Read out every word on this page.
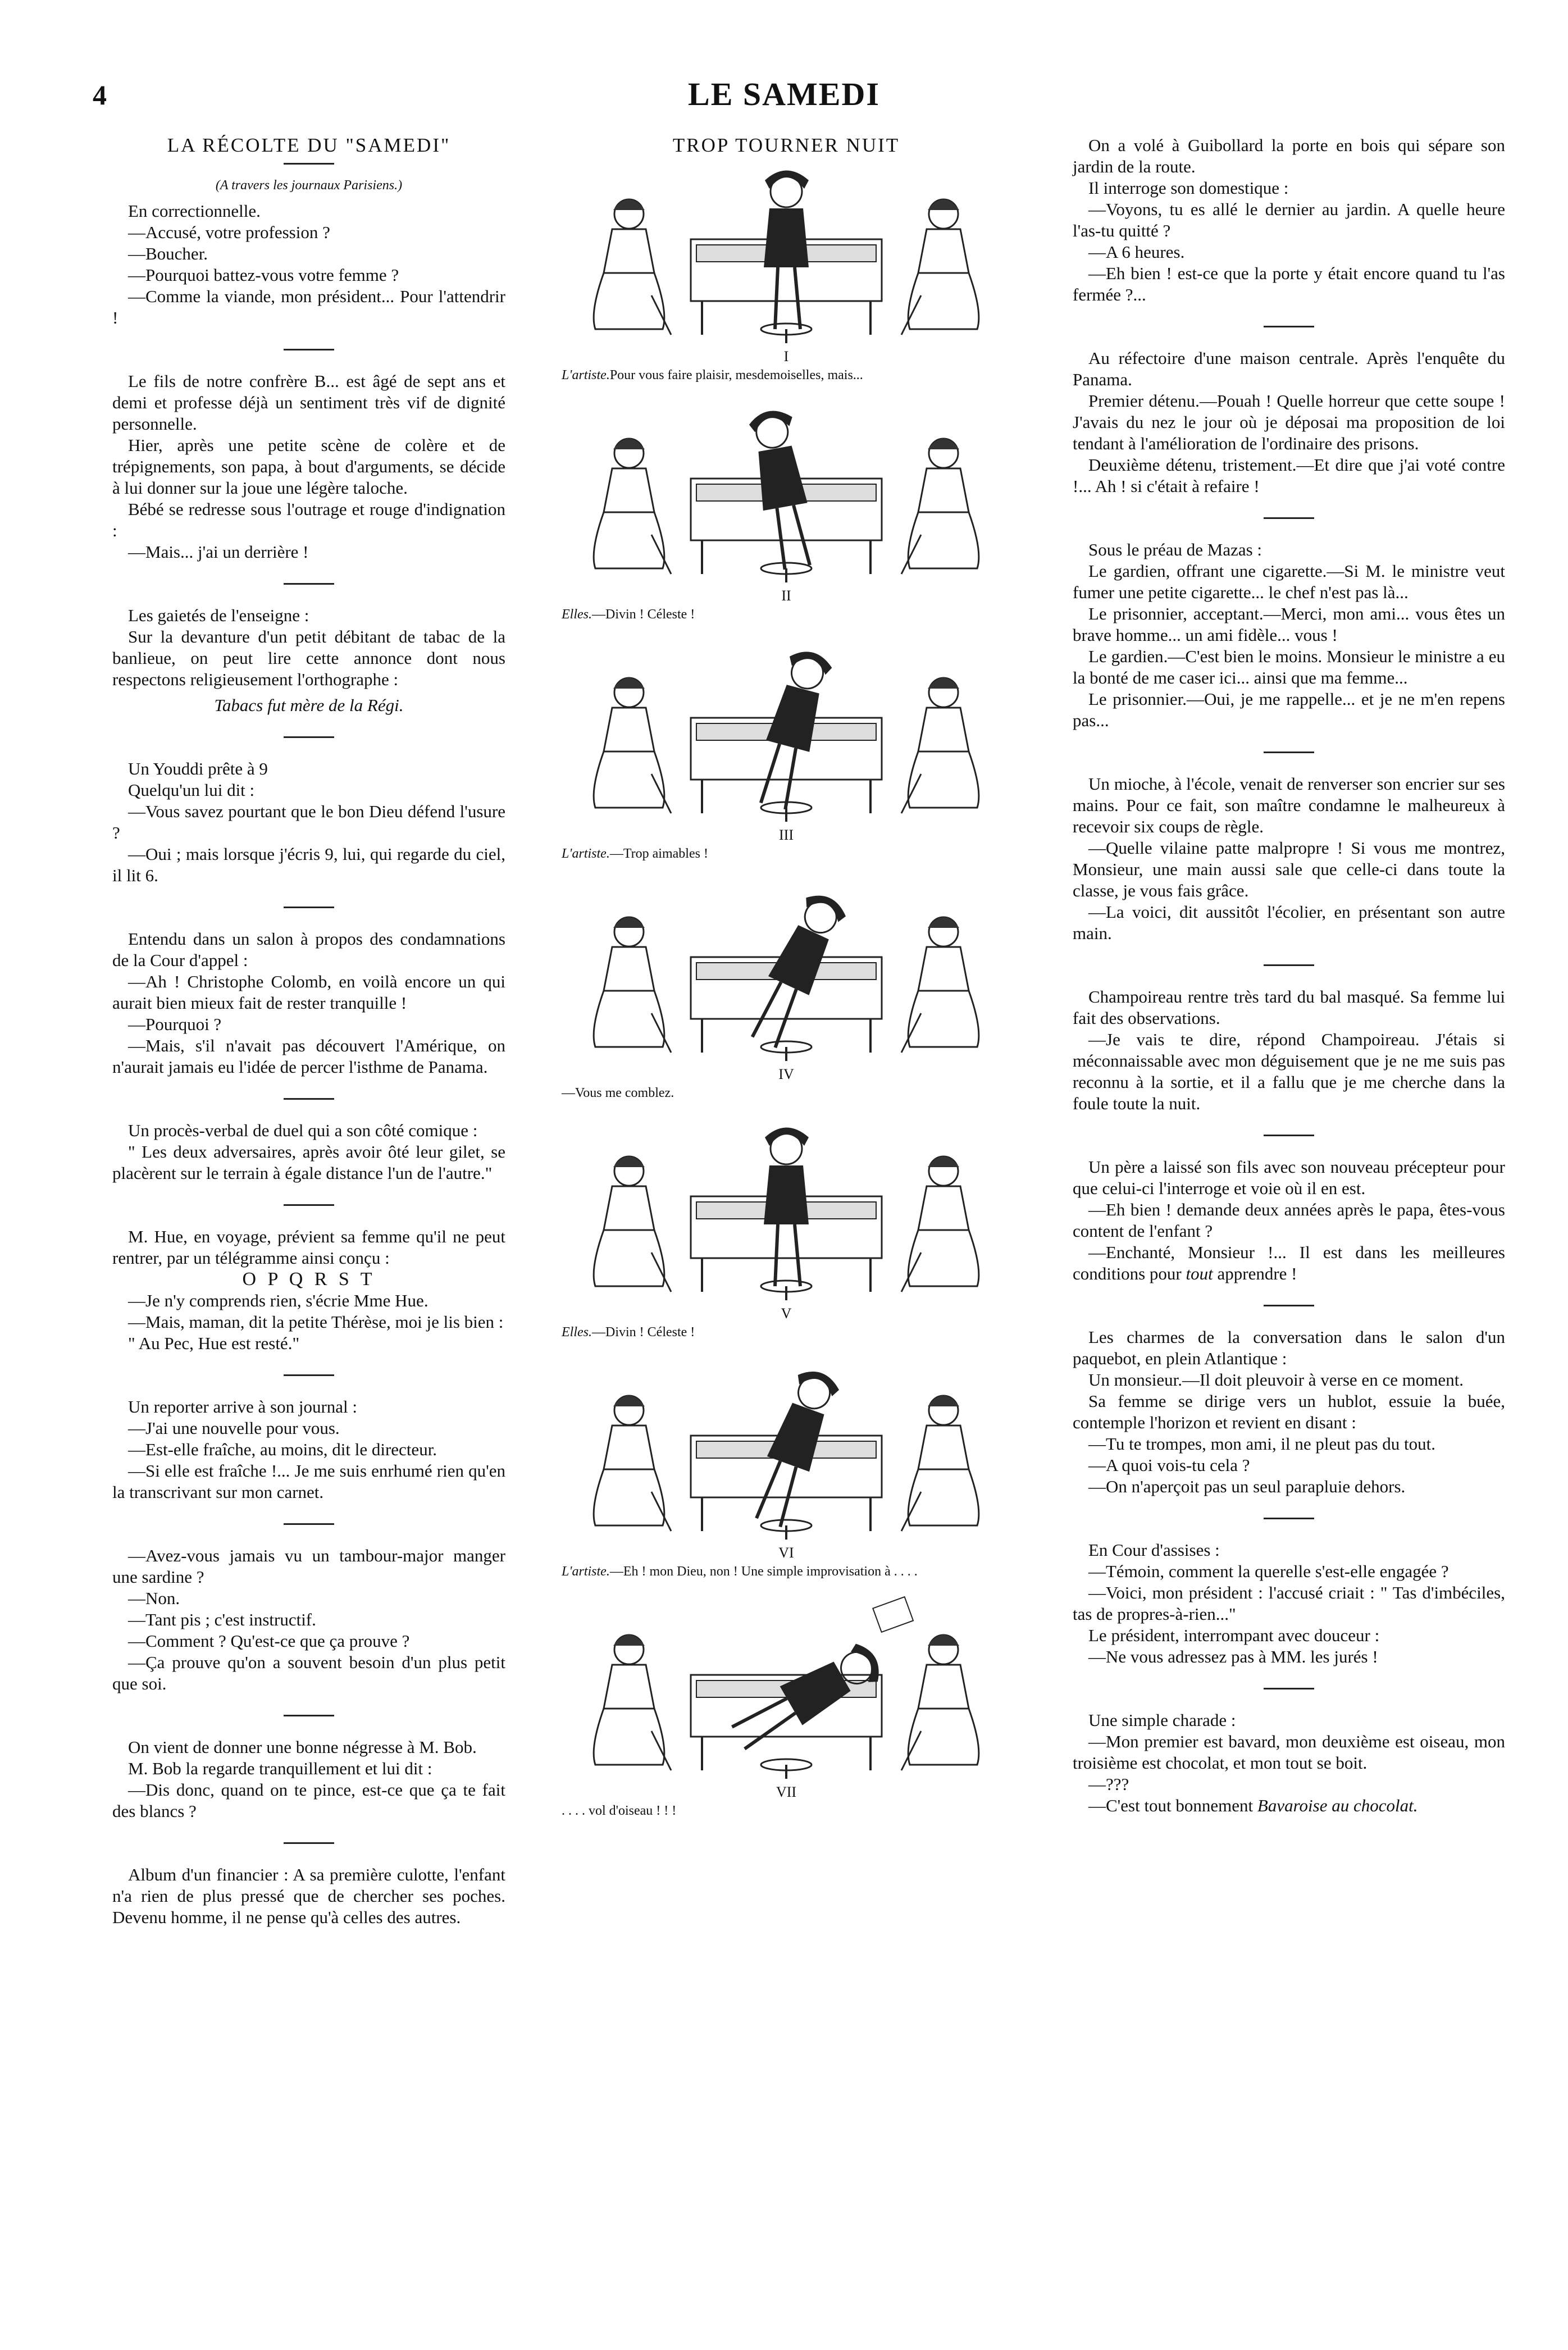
4	LE SAMEDI
LA RÉCOLTE DU "SAMEDI"
(A travers les journaux Parisiens.)

En correctionnelle.

—Accusé, votre profession ?

—Boucher.

—Pourquoi battez-vous votre femme ?

—Comme la viande, mon président... Pour l'attendrir !

Le fils de notre confrère B... est âgé de sept ans et demi et professe déjà un sentiment très vif de dignité personnelle.

Hier, après une petite scène de colère et de trépignements, son papa, à bout d'arguments, se décide à lui donner sur la joue une légère taloche.

Bébé se redresse sous l'outrage et rouge d'indignation :

—Mais... j'ai un derrière !

Les gaietés de l'enseigne :

Sur la devanture d'un petit débitant de tabac de la banlieue, on peut lire cette annonce dont nous respectons religieusement l'orthographe :

Tabacs fut mère de la Régi.

Un Youddi prête à 9

Quelqu'un lui dit :

—Vous savez pourtant que le bon Dieu défend l'usure ?

—Oui ; mais lorsque j'écris 9, lui, qui regarde du ciel, il lit 6.

Entendu dans un salon à propos des condamnations de la Cour d'appel :

—Ah ! Christophe Colomb, en voilà encore un qui aurait bien mieux fait de rester tranquille !

—Pourquoi ?

—Mais, s'il n'avait pas découvert l'Amérique, on n'aurait jamais eu l'idée de percer l'isthme de Panama.

Un procès-verbal de duel qui a son côté comique :

" Les deux adversaires, après avoir ôté leur gilet, se placèrent sur le terrain à égale distance l'un de l'autre."

M. Hue, en voyage, prévient sa femme qu'il ne peut rentrer, par un télégramme ainsi conçu :

O P Q R S T

—Je n'y comprends rien, s'écrie Mme Hue.

—Mais, maman, dit la petite Thérèse, moi je lis bien :

" Au Pec, Hue est resté."

Un reporter arrive à son journal :

—J'ai une nouvelle pour vous.

—Est-elle fraîche, au moins, dit le directeur.

—Si elle est fraîche !... Je me suis enrhumé rien qu'en la transcrivant sur mon carnet.

—Avez-vous jamais vu un tambour-major manger une sardine ?

—Non.

—Tant pis ; c'est instructif.

—Comment ? Qu'est-ce que ça prouve ?

—Ça prouve qu'on a souvent besoin d'un plus petit que soi.

On vient de donner une bonne négresse à M. Bob.

M. Bob la regarde tranquillement et lui dit :

—Dis donc, quand on te pince, est-ce que ça te fait des blancs ?

Album d'un financier : A sa première culotte, l'enfant n'a rien de plus pressé que de chercher ses poches. Devenu homme, il ne pense qu'à celles des autres.

TROP TOURNER NUIT
I
L'artiste.Pour vous faire plaisir, mesdemoiselles, mais...
II
Elles.—Divin ! Céleste !
III
L'artiste.—Trop aimables !
IV
—Vous me comblez.
V
Elles.—Divin ! Céleste !
VI
L'artiste.—Eh ! mon Dieu, non ! Une simple improvisation à . . . .
VII
. . . . vol d'oiseau ! ! !

On a volé à Guibollard la porte en bois qui sépare son jardin de la route.

Il interroge son domestique :

—Voyons, tu es allé le dernier au jardin. A quelle heure l'as-tu quitté ?

—A 6 heures.

—Eh bien ! est-ce que la porte y était encore quand tu l'as fermée ?...

Au réfectoire d'une maison centrale. Après l'enquête du Panama.

Premier détenu.—Pouah ! Quelle horreur que cette soupe ! J'avais du nez le jour où je déposai ma proposition de loi tendant à l'amélioration de l'ordinaire des prisons.

Deuxième détenu, tristement.—Et dire que j'ai voté contre !... Ah ! si c'était à refaire !

Sous le préau de Mazas :

Le gardien, offrant une cigarette.—Si M. le ministre veut fumer une petite cigarette... le chef n'est pas là...

Le prisonnier, acceptant.—Merci, mon ami... vous êtes un brave homme... un ami fidèle... vous !

Le gardien.—C'est bien le moins. Monsieur le ministre a eu la bonté de me caser ici... ainsi que ma femme...

Le prisonnier.—Oui, je me rappelle... et je ne m'en repens pas...

Un mioche, à l'école, venait de renverser son encrier sur ses mains. Pour ce fait, son maître condamne le malheureux à recevoir six coups de règle.

—Quelle vilaine patte malpropre ! Si vous me montrez, Monsieur, une main aussi sale que celle-ci dans toute la classe, je vous fais grâce.

—La voici, dit aussitôt l'écolier, en présentant son autre main.

Champoireau rentre très tard du bal masqué. Sa femme lui fait des observations.

—Je vais te dire, répond Champoireau. J'étais si méconnaissable avec mon déguisement que je ne me suis pas reconnu à la sortie, et il a fallu que je me cherche dans la foule toute la nuit.

Un père a laissé son fils avec son nouveau précepteur pour que celui-ci l'interroge et voie où il en est.

—Eh bien ! demande deux années après le papa, êtes-vous content de l'enfant ?

—Enchanté, Monsieur !... Il est dans les meilleures conditions pour tout apprendre !

Les charmes de la conversation dans le salon d'un paquebot, en plein Atlantique :

Un monsieur.—Il doit pleuvoir à verse en ce moment.

Sa femme se dirige vers un hublot, essuie la buée, contemple l'horizon et revient en disant :

—Tu te trompes, mon ami, il ne pleut pas du tout.

—A quoi vois-tu cela ?

—On n'aperçoit pas un seul parapluie dehors.

En Cour d'assises :

—Témoin, comment la querelle s'est-elle engagée ?

—Voici, mon président : l'accusé criait : " Tas d'imbéciles, tas de propres-à-rien..."

Le président, interrompant avec douceur :

—Ne vous adressez pas à MM. les jurés !

Une simple charade :

—Mon premier est bavard, mon deuxième est oiseau, mon troisième est chocolat, et mon tout se boit.

—???

—C'est tout bonnement Bavaroise au chocolat.
